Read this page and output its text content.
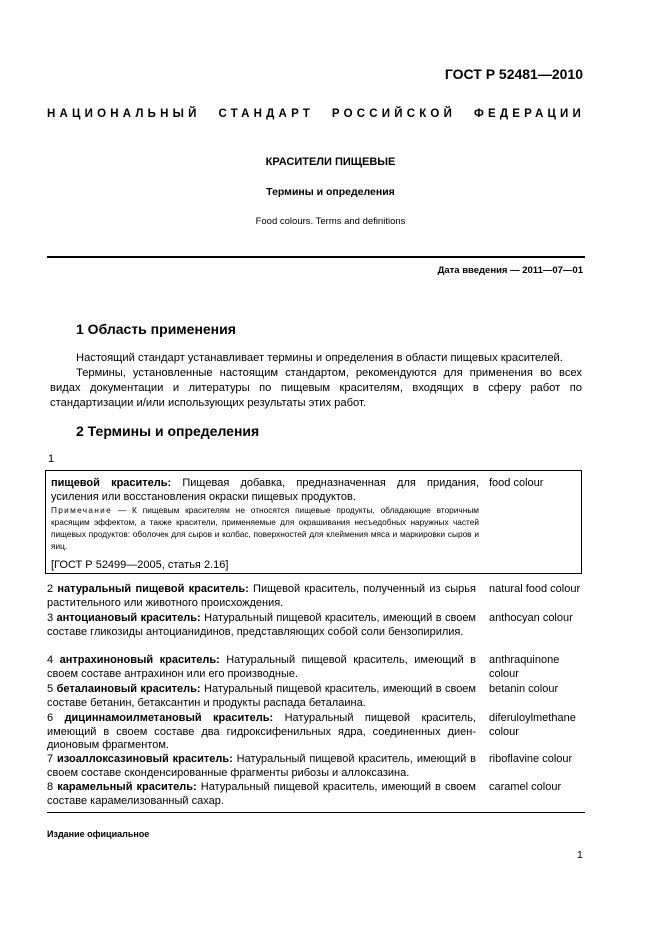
ГОСТ Р 52481—2010
НАЦИОНАЛЬНЫЙ СТАНДАРТ РОССИЙСКОЙ ФЕДЕРАЦИИ
КРАСИТЕЛИ ПИЩЕВЫЕ
Термины и определения
Food colours. Terms and definitions
Дата введения — 2011—07—01
1 Область применения
Настоящий стандарт устанавливает термины и определения в области пищевых красителей.
Термины, установленные настоящим стандартом, рекомендуются для применения во всех видах документации и литературы по пищевым красителям, входящих в сферу работ по стандартизации и/или использующих результаты этих работ.
2 Термины и определения
1
пищевой краситель: Пищевая добавка, предназначенная для придания, усиления или восстановления окраски пищевых продуктов.
food colour
Примечание — К пищевым красителям не относятся пищевые продукты, обладающие вторичным красящим эффектом, а также красители, применяемые для окрашивания несъедобных наружных частей пищевых продуктов: оболочек для сыров и колбас, поверхностей для клеймения мяса и маркировки сыров и яиц.
[ГОСТ Р 52499—2005, статья 2.16]
2 натуральный пищевой краситель: Пищевой краситель, полученный из сырья растительного или животного происхождения.
natural food colour
3 антоциановый краситель: Натуральный пищевой краситель, имеющий в своем составе гликозиды антоцианидинов, представляющих собой соли бензопирилия.
anthocyan colour
4 антрахиноновый краситель: Натуральный пищевой краситель, имеющий в своем составе антрахинон или его производные.
anthraquinone colour
5 беталаиновый краситель: Натуральный пищевой краситель, имеющий в своем составе бетанин, бетаксантин и продукты распада беталаина.
betanin colour
6 дициннамоилметановый краситель: Натуральный пищевой краситель, имеющий в своем составе два гидроксифенильных ядра, соединенных диен-дионовым фрагментом.
diferuloylmethane colour
7 изоаллоксазиновый краситель: Натуральный пищевой краситель, имеющий в своем составе сконденсированные фрагменты рибозы и аллоксазина.
riboflavine colour
8 карамельный краситель: Натуральный пищевой краситель, имеющий в своем составе карамелизованный сахар.
caramel colour
Издание официальное
1
